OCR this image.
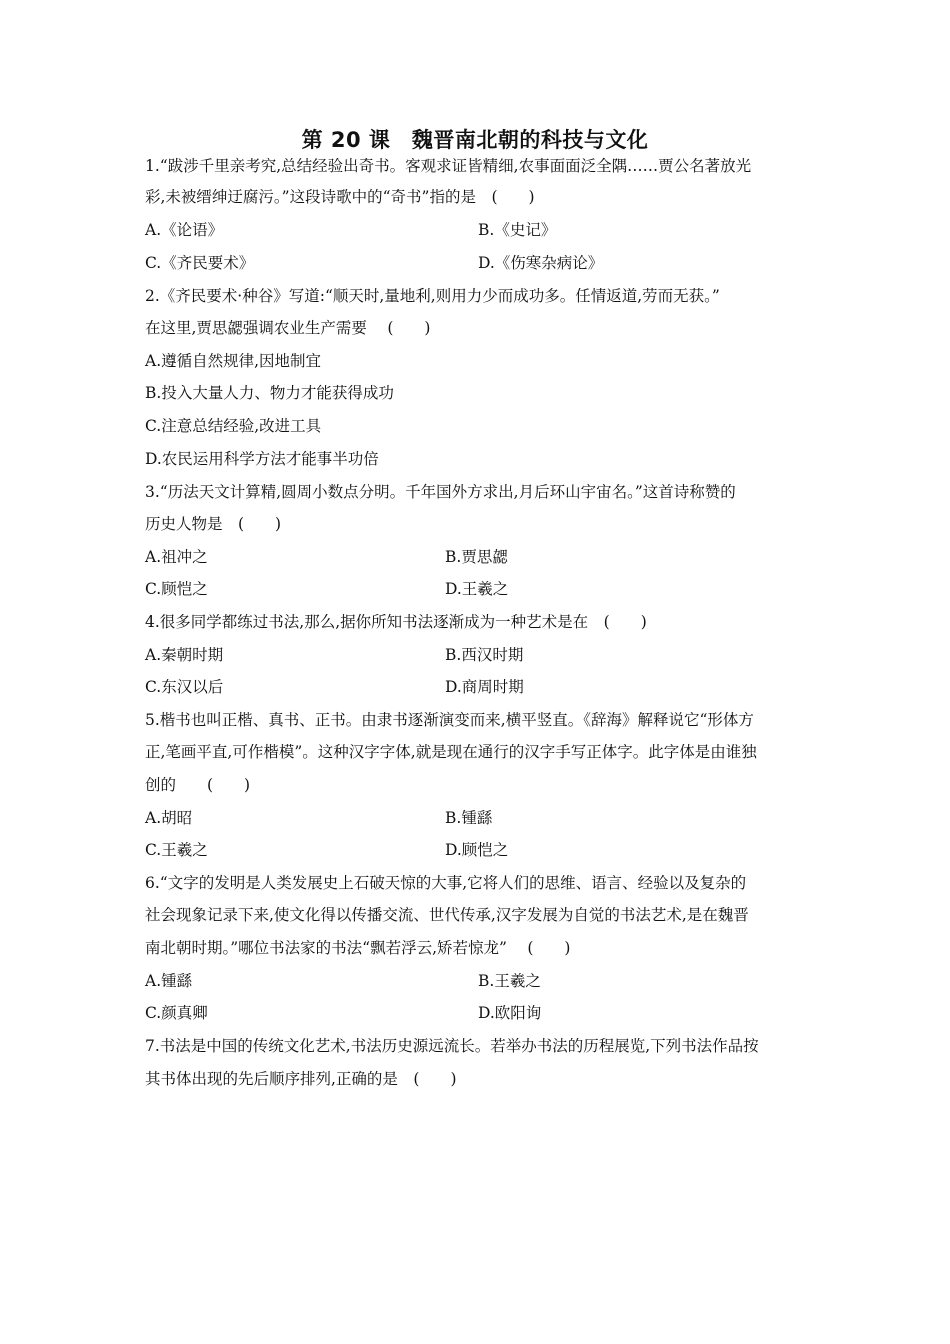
第 20 课　魏晋南北朝的科技与文化
1.“跋涉千里亲考究,总结经验出奇书。客观求证皆精细,农事面面泛全隅……贾公名著放光
彩,未被缙绅迂腐污。”这段诗歌中的“奇书”指的是　(　　)
A.《论语》	B.《史记》
C.《齐民要术》	D.《伤寒杂病论》
2.《齐民要术·种谷》写道:“顺天时,量地利,则用力少而成功多。任情返道,劳而无获。”
在这里,贾思勰强调农业生产需要　 (　　)
A.遵循自然规律,因地制宜
B.投入大量人力、物力才能获得成功
C.注意总结经验,改进工具
D.农民运用科学方法才能事半功倍
3.“历法天文计算精,圆周小数点分明。千年国外方求出,月后环山宇宙名。”这首诗称赞的
历史人物是　(　　)
A.祖冲之	B.贾思勰
C.顾恺之	D.王羲之
4.很多同学都练过书法,那么,据你所知书法逐渐成为一种艺术是在　(　　)
A.秦朝时期	B.西汉时期
C.东汉以后	D.商周时期
5.楷书也叫正楷、真书、正书。由隶书逐渐演变而来,横平竖直。《辞海》解释说它“形体方
正,笔画平直,可作楷模”。这种汉字字体,就是现在通行的汉字手写正体字。此字体是由谁独
创的　　(　　)
A.胡昭	B.锺繇
C.王羲之	D.顾恺之
6.“文字的发明是人类发展史上石破天惊的大事,它将人们的思维、语言、经验以及复杂的
社会现象记录下来,使文化得以传播交流、世代传承,汉字发展为自觉的书法艺术,是在魏晋
南北朝时期。”哪位书法家的书法“飘若浮云,矫若惊龙”　 (　　)
A.锺繇	B.王羲之
C.颜真卿	D.欧阳询
7.书法是中国的传统文化艺术,书法历史源远流长。若举办书法的历程展览,下列书法作品按
其书体出现的先后顺序排列,正确的是　(　　)
